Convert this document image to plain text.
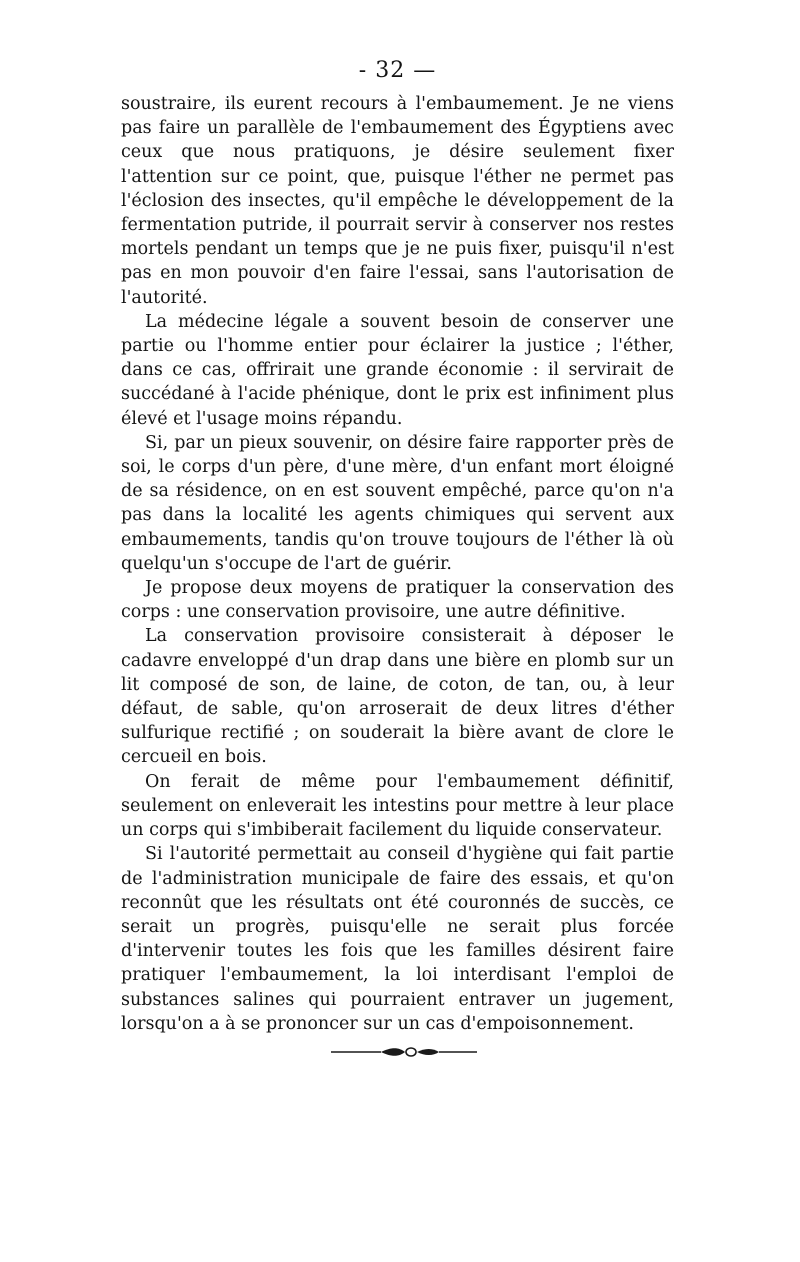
- 32 —

soustraire, ils eurent recours à l'embaumement. Je ne viens pas faire un parallèle de l'embaumement des Égyptiens avec ceux que nous pratiquons, je désire seulement fixer l'attention sur ce point, que, puisque l'éther ne permet pas l'éclosion des insectes, qu'il empêche le développement de la fermentation putride, il pourrait servir à conserver nos restes mortels pendant un temps que je ne puis fixer, puisqu'il n'est pas en mon pouvoir d'en faire l'essai, sans l'autorisation de l'autorité.

La médecine légale a souvent besoin de conserver une partie ou l'homme entier pour éclairer la justice ; l'éther, dans ce cas, offrirait une grande économie : il servirait de succédané à l'acide phénique, dont le prix est infiniment plus élevé et l'usage moins répandu.

Si, par un pieux souvenir, on désire faire rapporter près de soi, le corps d'un père, d'une mère, d'un enfant mort éloigné de sa résidence, on en est souvent empêché, parce qu'on n'a pas dans la localité les agents chimiques qui servent aux embaumements, tandis qu'on trouve toujours de l'éther là où quelqu'un s'occupe de l'art de guérir.

Je propose deux moyens de pratiquer la conservation des corps : une conservation provisoire, une autre définitive.

La conservation provisoire consisterait à déposer le cadavre enveloppé d'un drap dans une bière en plomb sur un lit composé de son, de laine, de coton, de tan, ou, à leur défaut, de sable, qu'on arroserait de deux litres d'éther sulfurique rectifié ; on souderait la bière avant de clore le cercueil en bois.

On ferait de même pour l'embaumement définitif, seulement on enleverait les intestins pour mettre à leur place un corps qui s'imbiberait facilement du liquide conservateur.

Si l'autorité permettait au conseil d'hygiène qui fait partie de l'administration municipale de faire des essais, et qu'on reconnût que les résultats ont été couronnés de succès, ce serait un progrès, puisqu'elle ne serait plus forcée d'intervenir toutes les fois que les familles désirent faire pratiquer l'embaumement, la loi interdisant l'emploi de substances salines qui pourraient entraver un jugement, lorsqu'on a à se prononcer sur un cas d'empoisonnement.
